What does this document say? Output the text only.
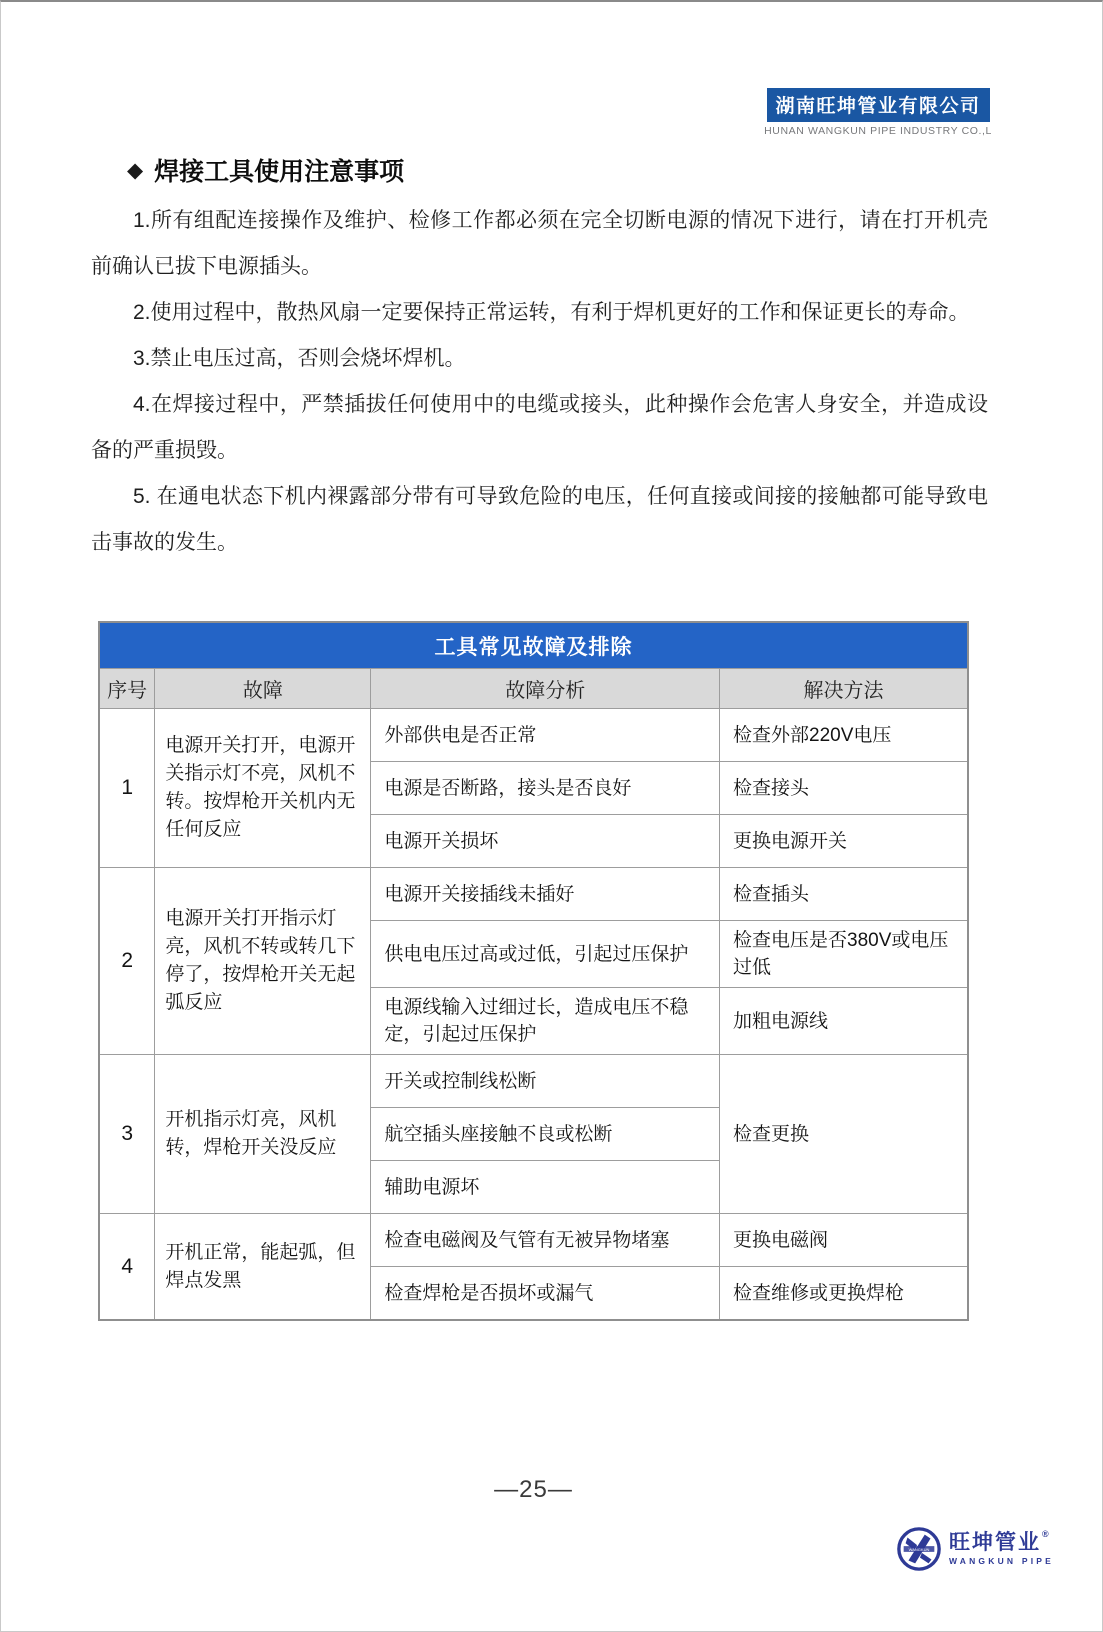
湖南旺坤管业有限公司
HUNAN WANGKUN PIPE INDUSTRY CO.,L
◆ 焊接工具使用注意事项

1.所有组配连接操作及维护、检修工作都必须在完全切断电源的情况下进行，请在打开机壳前确认已拔下电源插头。

2.使用过程中，散热风扇一定要保持正常运转，有利于焊机更好的工作和保证更长的寿命。

3.禁止电压过高，否则会烧坏焊机。

4.在焊接过程中，严禁插拔任何使用中的电缆或接头，此种操作会危害人身安全，并造成设备的严重损毁。

5. 在通电状态下机内裸露部分带有可导致危险的电压，任何直接或间接的接触都可能导致电击事故的发生。

工具常见故障及排除			
序号	故障	故障分析	解决方法
1	电源开关打开，电源开关指示灯不亮，风机不转。按焊枪开关机内无任何反应	外部供电是否正常	检查外部220V电压
		电源是否断路，接头是否良好	检查接头
		电源开关损坏	更换电源开关
2	电源开关打开指示灯亮，风机不转或转几下停了，按焊枪开关无起弧反应	电源开关接插线未插好	检查插头
		供电电压过高或过低，引起过压保护	检查电压是否380V或电压过低
		电源线输入过细过长，造成电压不稳定，引起过压保护	加粗电源线
3	开机指示灯亮，风机转，焊枪开关没反应	开关或控制线松断	检查更换
		航空插头座接触不良或松断	
		辅助电源坏	
4	开机正常，能起弧，但焊点发黑	检查电磁阀及气管有无被异物堵塞	更换电磁阀
		检查焊枪是否损坏或漏气	检查维修或更换焊枪
—25—
WANGKUN 旺坤管业 ®
WANGKUN PIPE
